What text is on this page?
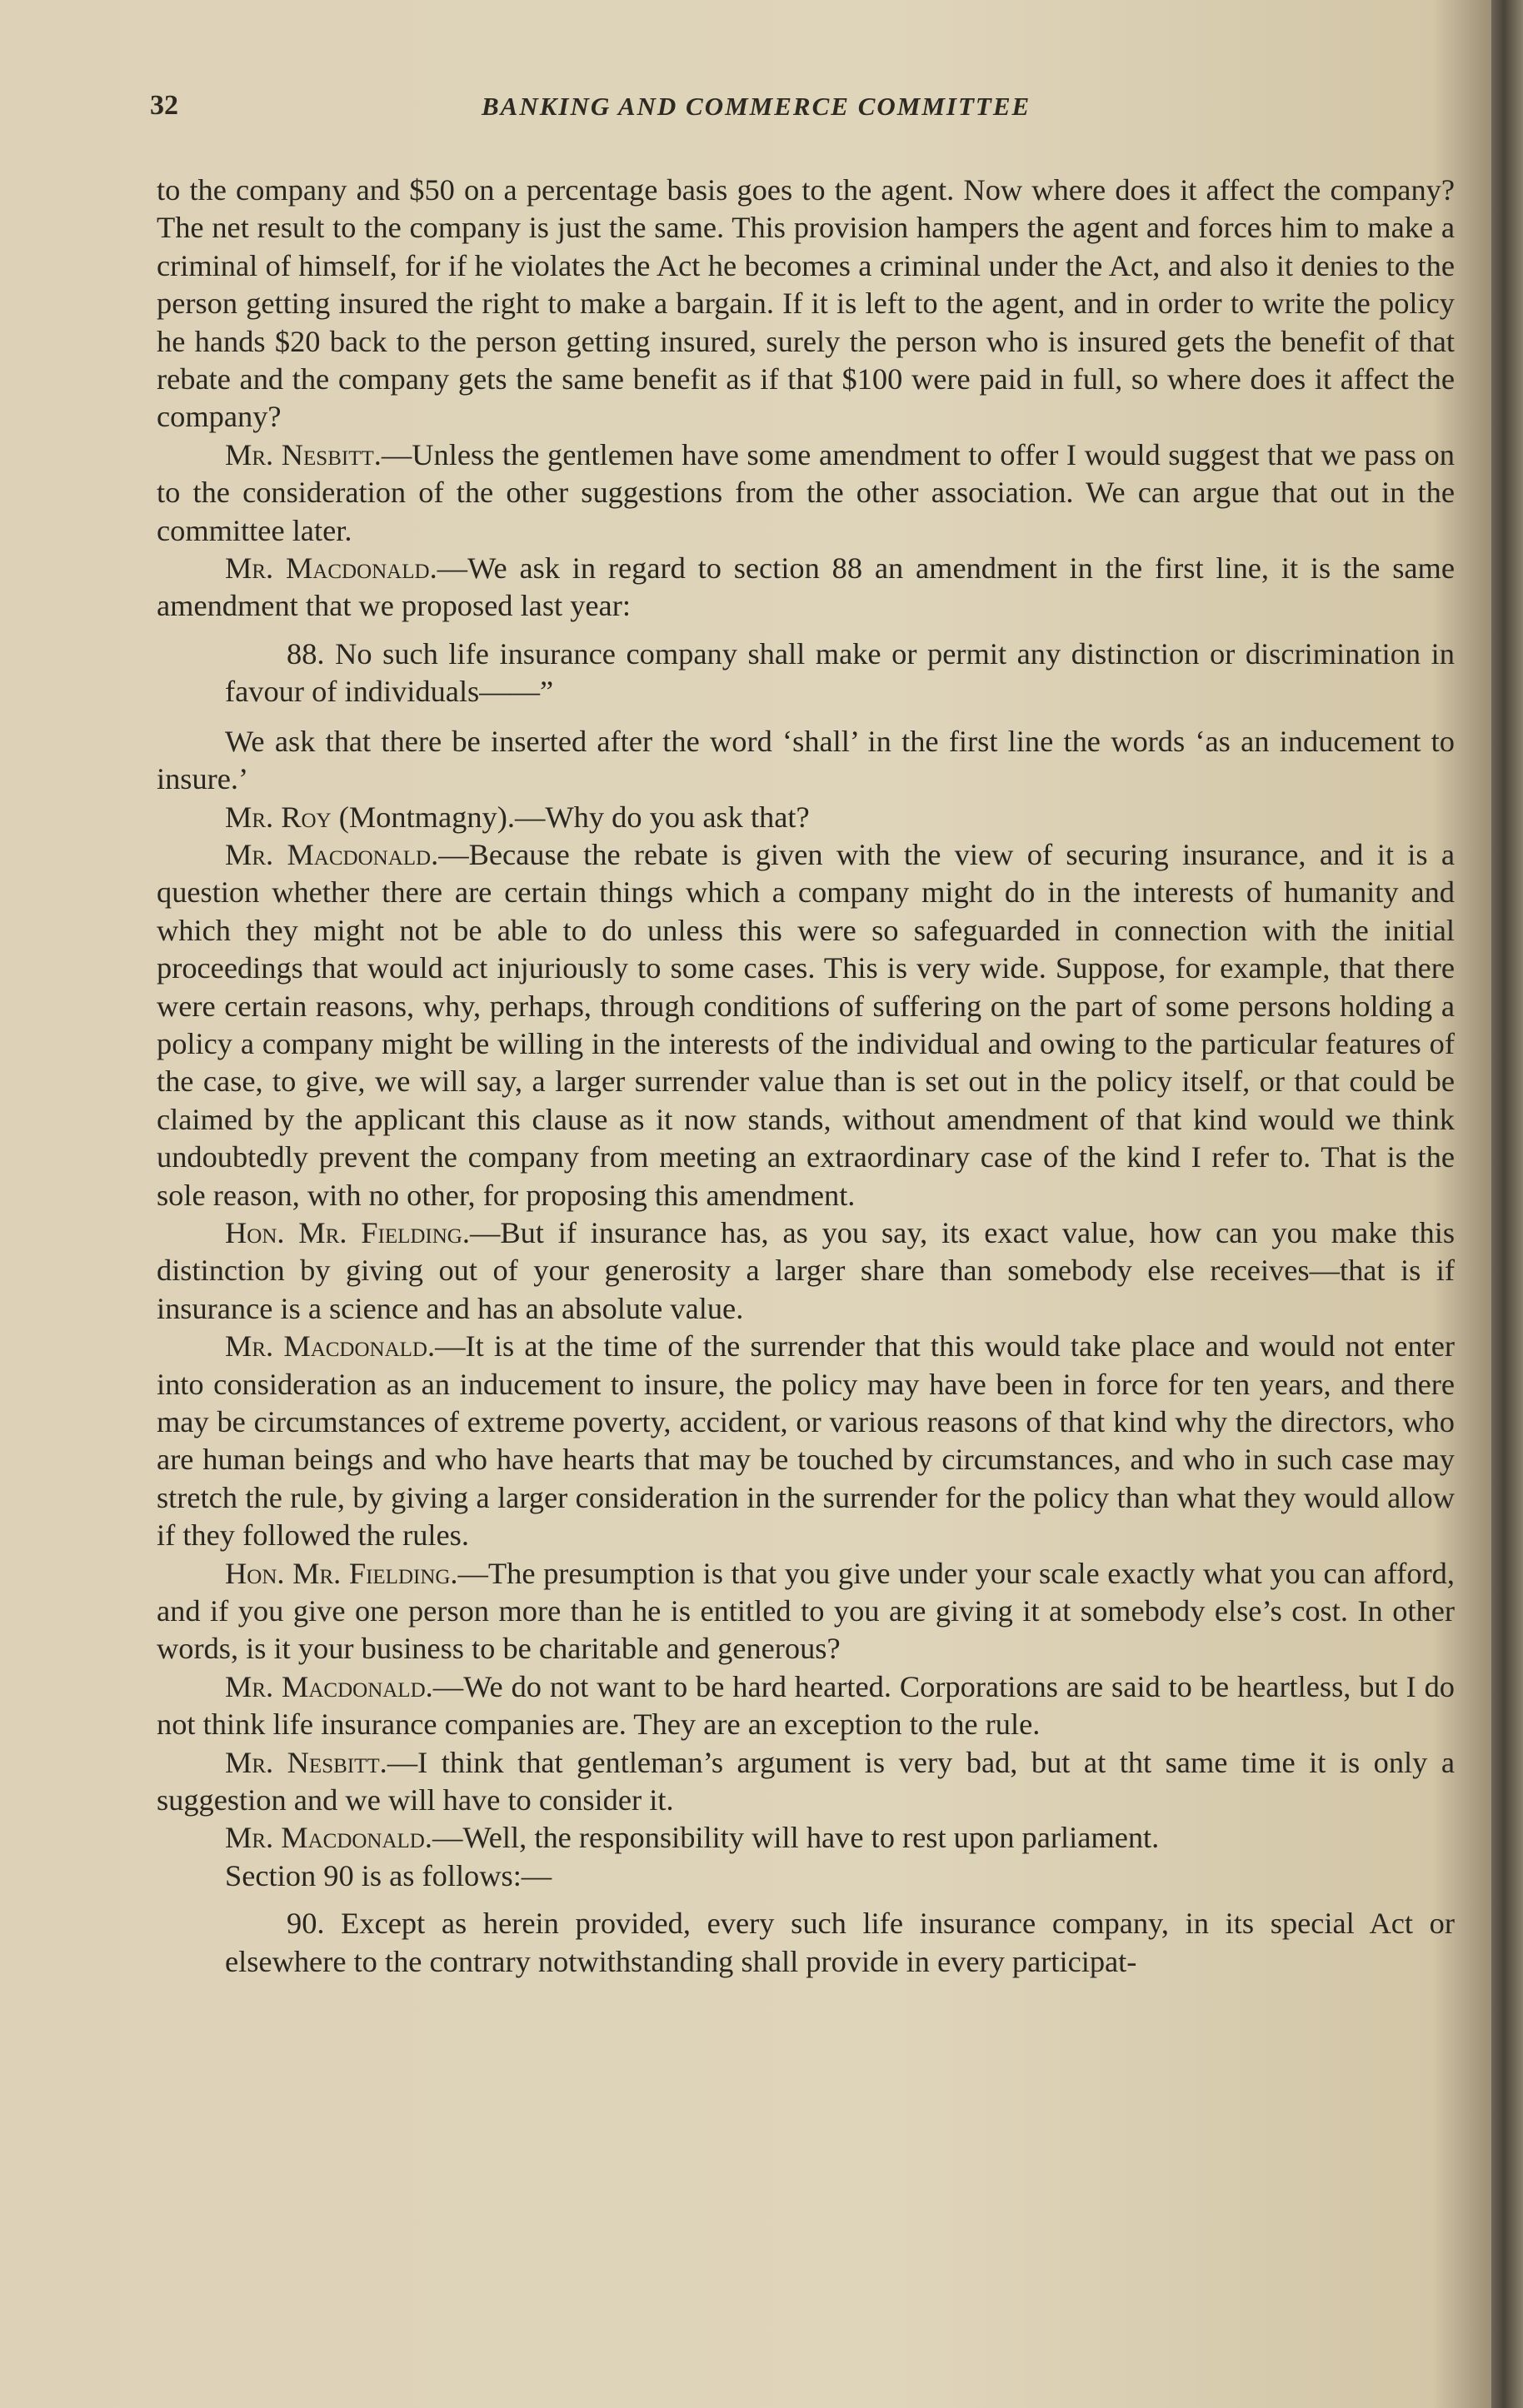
32	BANKING AND COMMERCE COMMITTEE

to the company and $50 on a percentage basis goes to the agent. Now where does it affect the company? The net result to the company is just the same. This provision hampers the agent and forces him to make a criminal of himself, for if he violates the Act he becomes a criminal under the Act, and also it denies to the person getting insured the right to make a bargain. If it is left to the agent, and in order to write the policy he hands $20 back to the person getting insured, surely the person who is insured gets the benefit of that rebate and the company gets the same benefit as if that $100 were paid in full, so where does it affect the company?

Mr. Nesbitt.—Unless the gentlemen have some amendment to offer I would suggest that we pass on to the consideration of the other suggestions from the other association. We can argue that out in the committee later.

Mr. Macdonald.—We ask in regard to section 88 an amendment in the first line, it is the same amendment that we proposed last year:

88. No such life insurance company shall make or permit any distinction or discrimination in favour of individuals——”

We ask that there be inserted after the word ‘shall’ in the first line the words ‘as an inducement to insure.’

Mr. Roy (Montmagny).—Why do you ask that?

Mr. Macdonald.—Because the rebate is given with the view of securing insurance, and it is a question whether there are certain things which a company might do in the interests of humanity and which they might not be able to do unless this were so safeguarded in connection with the initial proceedings that would act injuriously to some cases. This is very wide. Suppose, for example, that there were certain reasons, why, perhaps, through conditions of suffering on the part of some persons holding a policy a company might be willing in the interests of the individual and owing to the particular features of the case, to give, we will say, a larger surrender value than is set out in the policy itself, or that could be claimed by the applicant this clause as it now stands, without amendment of that kind would we think undoubtedly prevent the company from meeting an extraordinary case of the kind I refer to. That is the sole reason, with no other, for proposing this amendment.

Hon. Mr. Fielding.—But if insurance has, as you say, its exact value, how can you make this distinction by giving out of your generosity a larger share than somebody else receives—that is if insurance is a science and has an absolute value.

Mr. Macdonald.—It is at the time of the surrender that this would take place and would not enter into consideration as an inducement to insure, the policy may have been in force for ten years, and there may be circumstances of extreme poverty, accident, or various reasons of that kind why the directors, who are human beings and who have hearts that may be touched by circumstances, and who in such case may stretch the rule, by giving a larger consideration in the surrender for the policy than what they would allow if they followed the rules.

Hon. Mr. Fielding.—The presumption is that you give under your scale exactly what you can afford, and if you give one person more than he is entitled to you are giving it at somebody else’s cost. In other words, is it your business to be charitable and generous?

Mr. Macdonald.—We do not want to be hard hearted. Corporations are said to be heartless, but I do not think life insurance companies are. They are an exception to the rule.

Mr. Nesbitt.—I think that gentleman’s argument is very bad, but at tht same time it is only a suggestion and we will have to consider it.

Mr. Macdonald.—Well, the responsibility will have to rest upon parliament.

Section 90 is as follows:—

90. Except as herein provided, every such life insurance company, in its special Act or elsewhere to the contrary notwithstanding shall provide in every participat-
